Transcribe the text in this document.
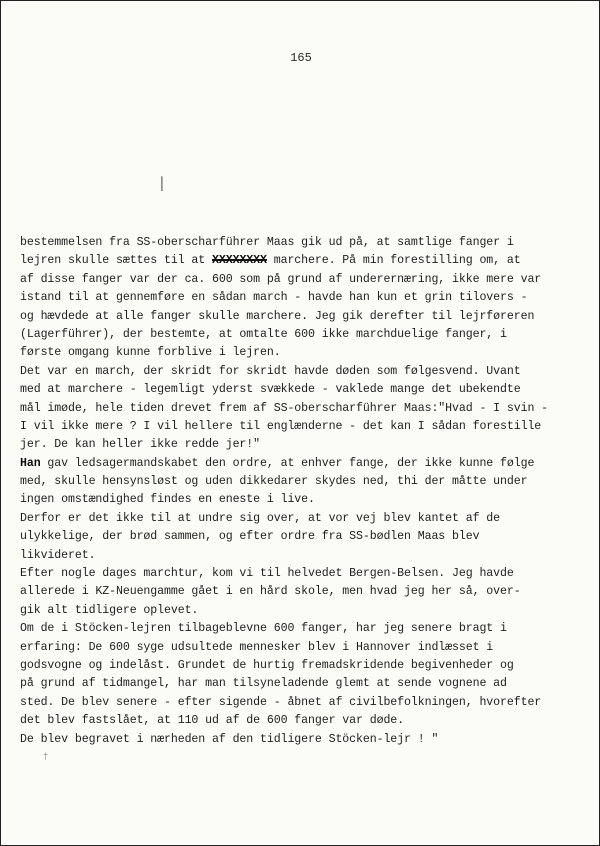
165
│
bestemmelsen fra SS-oberscharführer Maas gik ud på, at samtlige fanger i
lejren skulle sættes til at XXXXXXXX marchere. På min forestilling om, at
af disse fanger var der ca. 600 som på grund af underernæring, ikke mere var
istand til at gennemføre en sådan march - havde han kun et grin tilovers -
og hævdede at alle fanger skulle marchere. Jeg gik derefter til lejrføreren
(Lagerführer), der bestemte, at omtalte 600 ikke marchduelige fanger, i
første omgang kunne forblive i lejren.
Det var en march, der skridt for skridt havde døden som følgesvend. Uvant
med at marchere - legemligt yderst svækkede - vaklede mange det ubekendte
mål imøde, hele tiden drevet frem af SS-oberscharführer Maas:"Hvad - I svin -
I vil ikke mere ? I vil hellere til englænderne - det kan I sådan forestille
jer. De kan heller ikke redde jer!"
Han gav ledsagermandskabet den ordre, at enhver fange, der ikke kunne følge
med, skulle hensynsløst og uden dikkedarer skydes ned, thi der måtte under
ingen omstændighed findes en eneste i live.
Derfor er det ikke til at undre sig over, at vor vej blev kantet af de
ulykkelige, der brød sammen, og efter ordre fra SS-bødlen Maas blev
likvideret.
Efter nogle dages marchtur, kom vi til helvedet Bergen-Belsen. Jeg havde
allerede i KZ-Neuengamme gået i en hård skole, men hvad jeg her så, over-
gik alt tidligere oplevet.
Om de i Stöcken-lejren tilbageblevne 600 fanger, har jeg senere bragt i
erfaring: De 600 syge udsultede mennesker blev i Hannover indlæsset i
godsvogne og indelåst. Grundet de hurtig fremadskridende begivenheder og
på grund af tidmangel, har man tilsyneladende glemt at sende vognene ad
sted. De blev senere - efter sigende - åbnet af civilbefolkningen, hvorefter
det blev fastslået, at 110 ud af de 600 fanger var døde.
De blev begravet i nærheden af den tidligere Stöcken-lejr ! "
†
